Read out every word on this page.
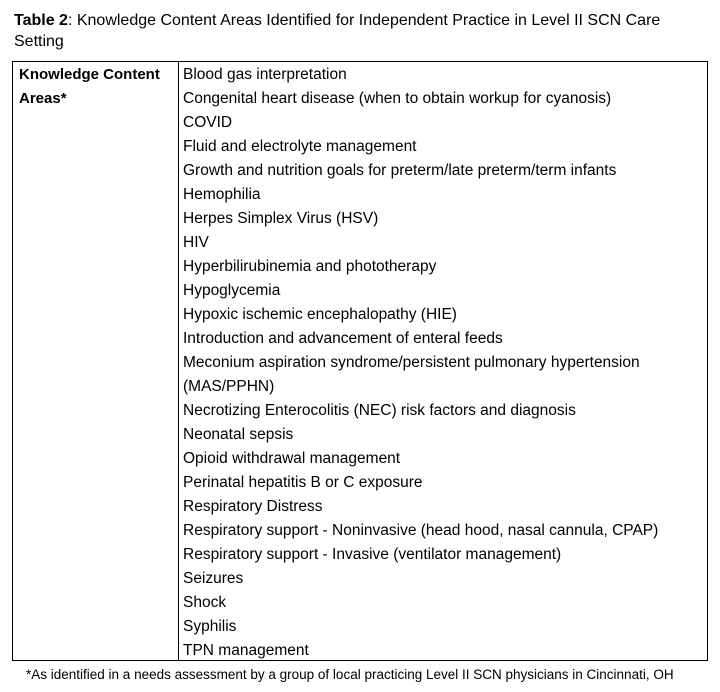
Table 2: Knowledge Content Areas Identified for Independent Practice in Level II SCN Care Setting
Knowledge Content Areas*
Blood gas interpretation
Congenital heart disease (when to obtain workup for cyanosis)
COVID
Fluid and electrolyte management
Growth and nutrition goals for preterm/late preterm/term infants
Hemophilia
Herpes Simplex Virus (HSV)
HIV
Hyperbilirubinemia and phototherapy
Hypoglycemia
Hypoxic ischemic encephalopathy (HIE)
Introduction and advancement of enteral feeds
Meconium aspiration syndrome/persistent pulmonary hypertension (MAS/PPHN)
Necrotizing Enterocolitis (NEC) risk factors and diagnosis
Neonatal sepsis
Opioid withdrawal management
Perinatal hepatitis B or C exposure
Respiratory Distress
Respiratory support - Noninvasive (head hood, nasal cannula, CPAP)
Respiratory support - Invasive (ventilator management)
Seizures
Shock
Syphilis
TPN management
*As identified in a needs assessment by a group of local practicing Level II SCN physicians in Cincinnati, OH
